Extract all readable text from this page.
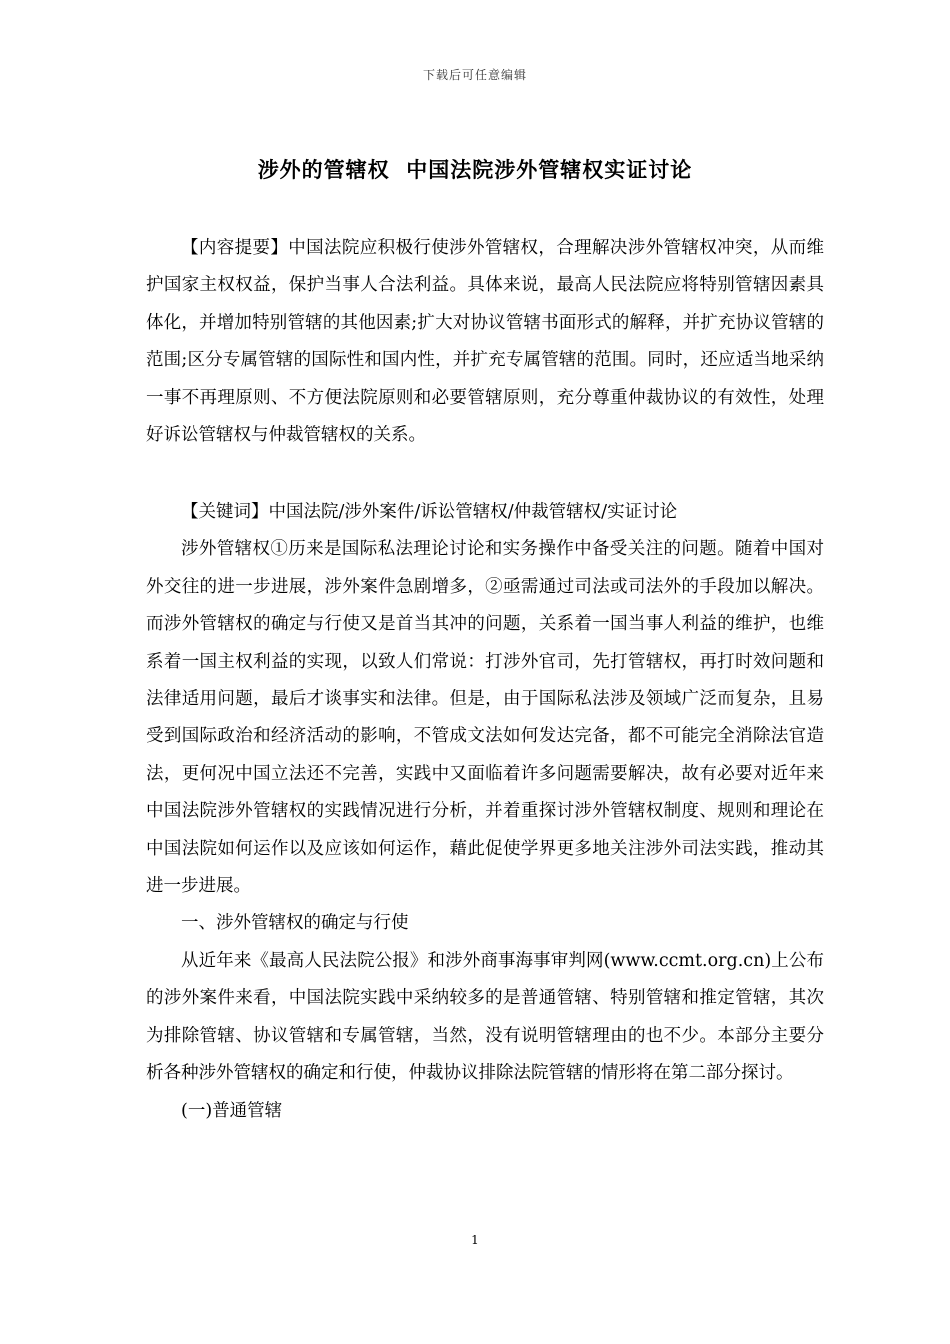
下载后可任意编辑
涉外的管辖权  中国法院涉外管辖权实证讨论

【内容提要】中国法院应积极行使涉外管辖权，合理解决涉外管辖权冲突，从而维护国家主权权益，保护当事人合法利益。具体来说，最高人民法院应将特别管辖因素具体化，并增加特别管辖的其他因素;扩大对协议管辖书面形式的解释，并扩充协议管辖的范围;区分专属管辖的国际性和国内性，并扩充专属管辖的范围。同时，还应适当地采纳一事不再理原则、不方便法院原则和必要管辖原则，充分尊重仲裁协议的有效性，处理好诉讼管辖权与仲裁管辖权的关系。

【关键词】中国法院/涉外案件/诉讼管辖权/仲裁管辖权/实证讨论

涉外管辖权①历来是国际私法理论讨论和实务操作中备受关注的问题。随着中国对外交往的进一步进展，涉外案件急剧增多，②亟需通过司法或司法外的手段加以解决。而涉外管辖权的确定与行使又是首当其冲的问题，关系着一国当事人利益的维护，也维系着一国主权利益的实现，以致人们常说：打涉外官司，先打管辖权，再打时效问题和法律适用问题，最后才谈事实和法律。但是，由于国际私法涉及领域广泛而复杂，且易受到国际政治和经济活动的影响，不管成文法如何发达完备，都不可能完全消除法官造法，更何况中国立法还不完善，实践中又面临着许多问题需要解决，故有必要对近年来中国法院涉外管辖权的实践情况进行分析，并着重探讨涉外管辖权制度、规则和理论在中国法院如何运作以及应该如何运作，藉此促使学界更多地关注涉外司法实践，推动其进一步进展。

一、涉外管辖权的确定与行使

从近年来《最高人民法院公报》和涉外商事海事审判网(www.ccmt.org.cn)上公布的涉外案件来看，中国法院实践中采纳较多的是普通管辖、特别管辖和推定管辖，其次为排除管辖、协议管辖和专属管辖，当然，没有说明管辖理由的也不少。本部分主要分析各种涉外管辖权的确定和行使，仲裁协议排除法院管辖的情形将在第二部分探讨。

(一)普通管辖

1
